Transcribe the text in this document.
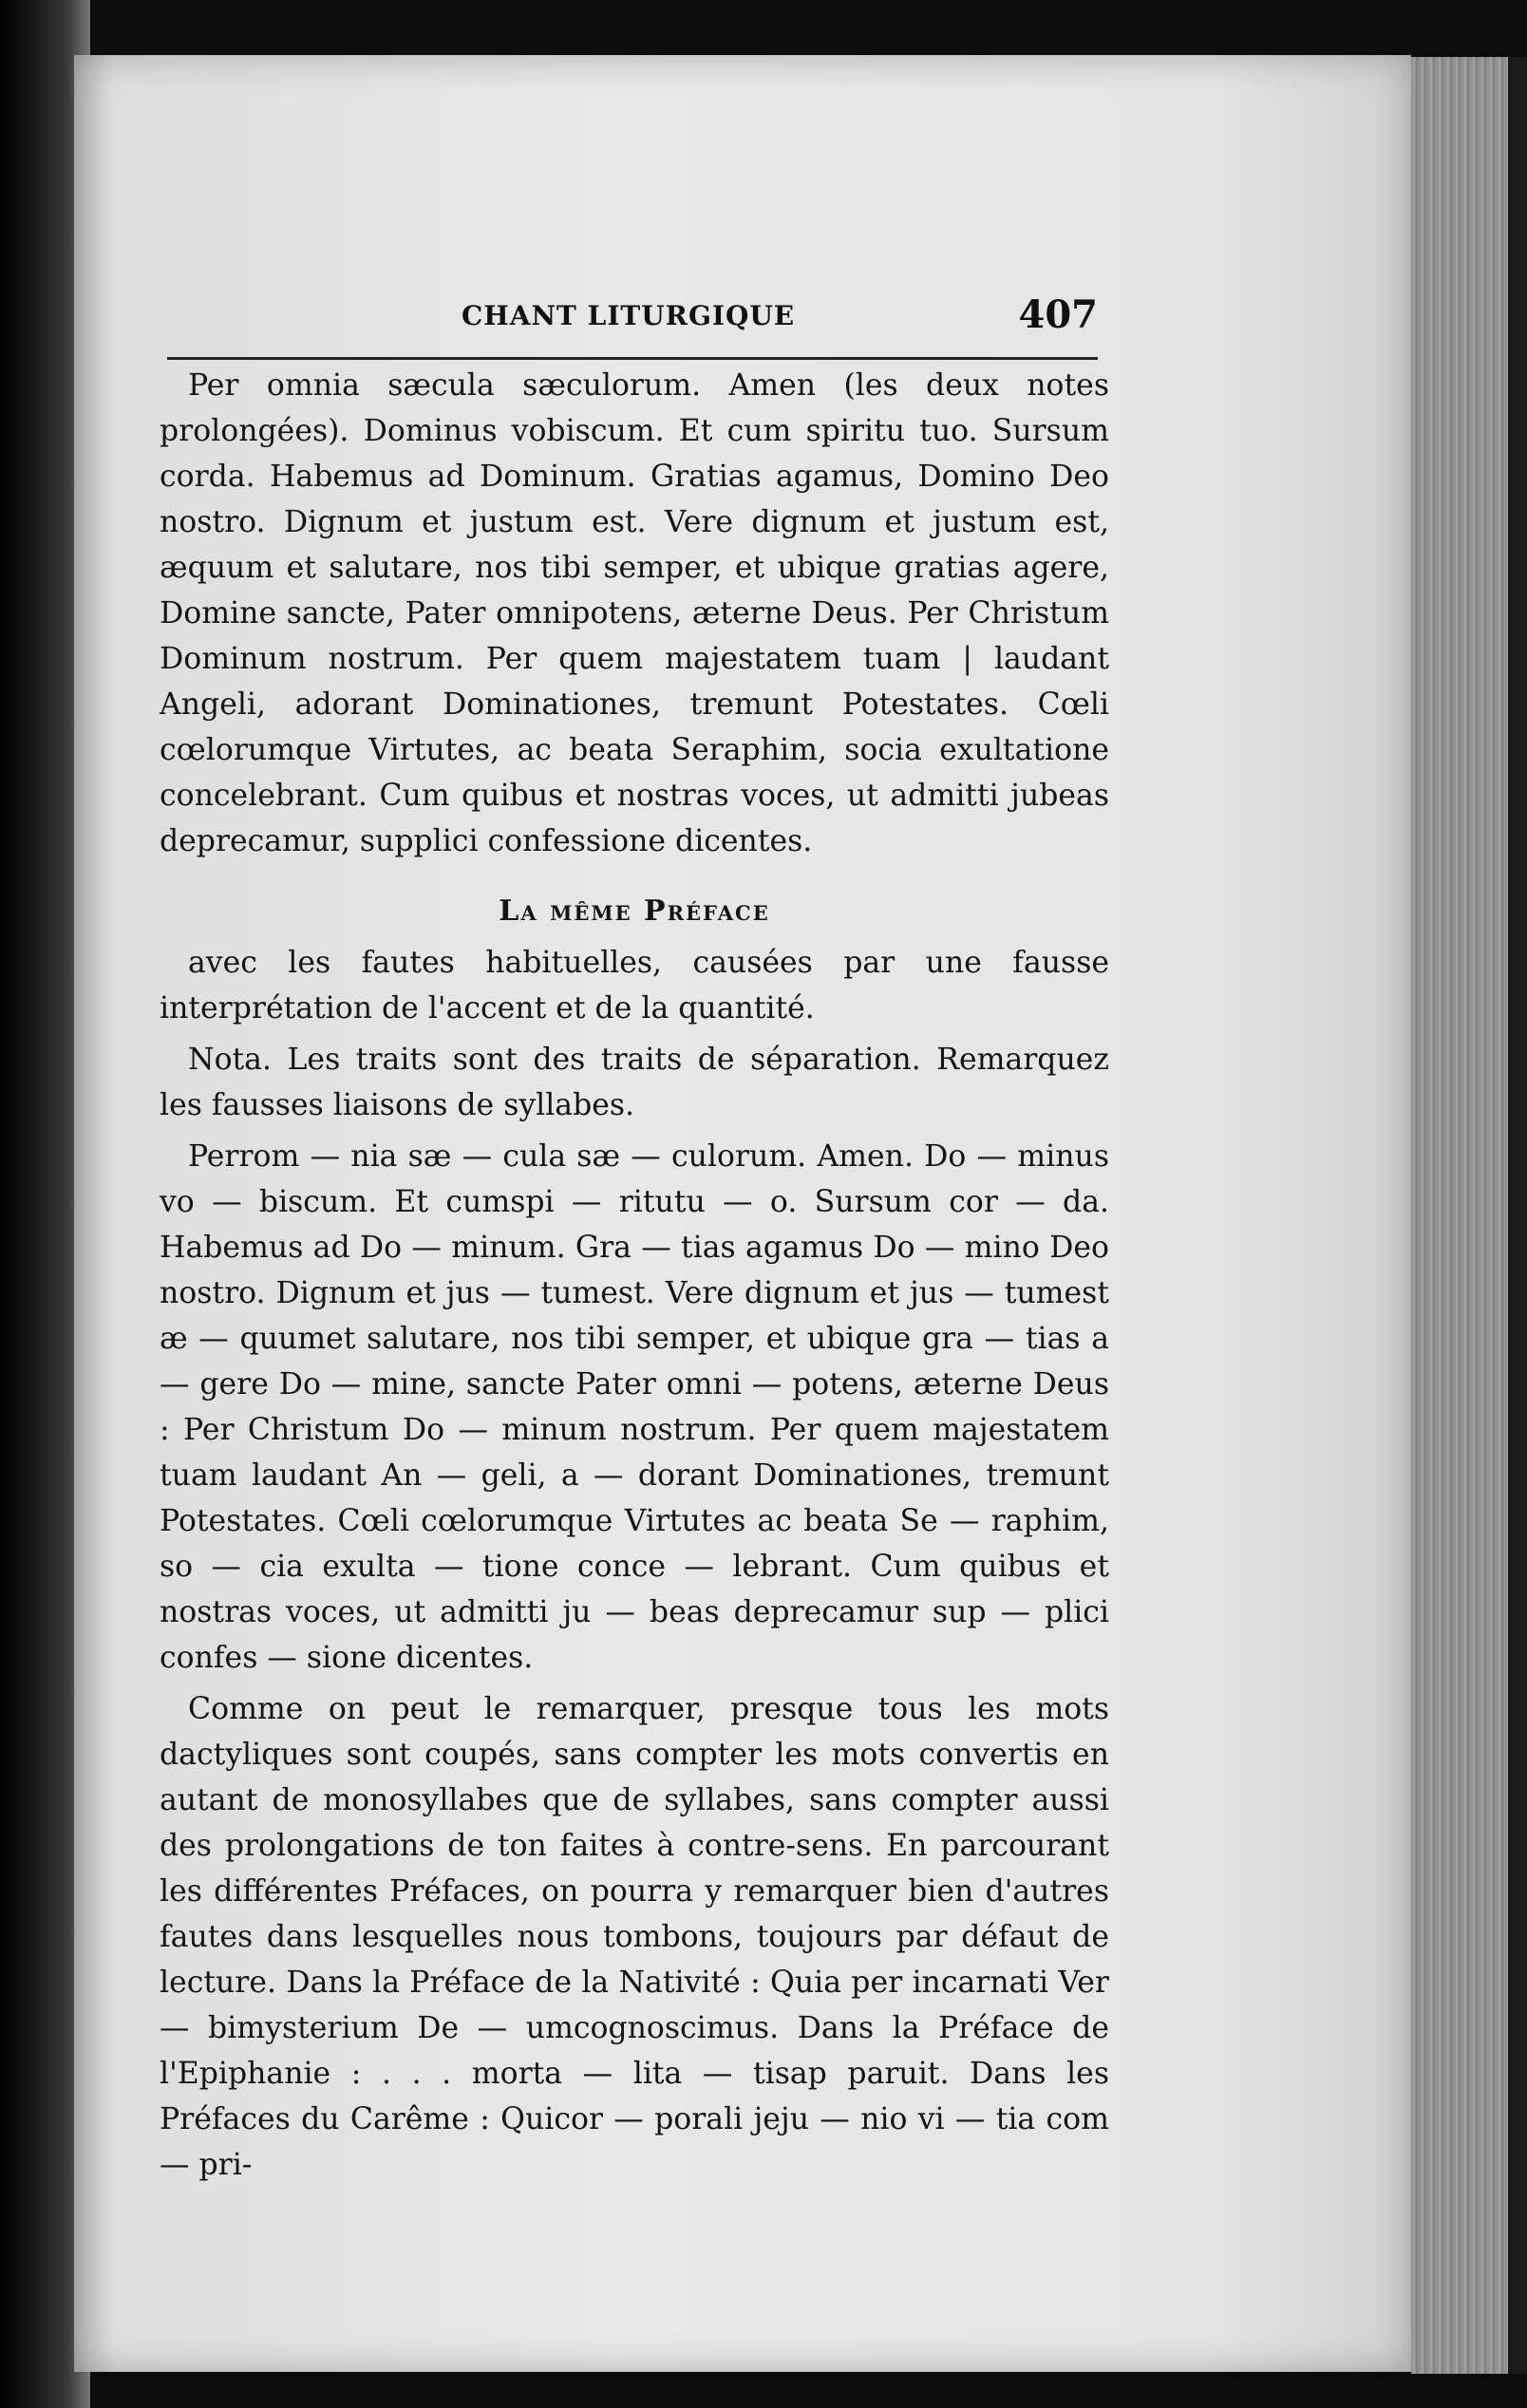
CHANT LITURGIQUE	407

Per omnia sæcula sæculorum. Amen (les deux notes prolongées). Dominus vobiscum. Et cum spiritu tuo. Sursum corda. Habemus ad Dominum. Gratias agamus, Domino Deo nostro. Dignum et justum est. Vere dignum et justum est, æquum et salutare, nos tibi semper, et ubique gratias agere, Domine sancte, Pater omnipotens, æterne Deus. Per Christum Dominum nostrum. Per quem majestatem tuam | laudant Angeli, adorant Dominationes, tremunt Potestates. Cœli cœlorumque Virtutes, ac beata Seraphim, socia exultatione concelebrant. Cum quibus et nostras voces, ut admitti jubeas deprecamur, supplici confessione dicentes.

La même Préface

avec les fautes habituelles, causées par une fausse interprétation de l'accent et de la quantité.

Nota. Les traits sont des traits de séparation. Remarquez les fausses liaisons de syllabes.

Perrom — nia sæ — cula sæ — culorum. Amen. Do — minus vo — biscum. Et cumspi — ritutu — o. Sursum cor — da. Habemus ad Do — minum. Gra — tias agamus Do — mino Deo nostro. Dignum et jus — tumest. Vere dignum et jus — tumest æ — quumet salutare, nos tibi semper, et ubique gra — tias a — gere Do — mine, sancte Pater omni — potens, æterne Deus : Per Christum Do — minum nostrum. Per quem majestatem tuam laudant An — geli, a — dorant Dominationes, tremunt Potestates. Cœli cœlorumque Virtutes ac beata Se — raphim, so — cia exulta — tione conce — lebrant. Cum quibus et nostras voces, ut admitti ju — beas deprecamur sup — plici confes — sione dicentes.

Comme on peut le remarquer, presque tous les mots dactyliques sont coupés, sans compter les mots convertis en autant de monosyllabes que de syllabes, sans compter aussi des prolongations de ton faites à contre-sens. En parcourant les différentes Préfaces, on pourra y remarquer bien d'autres fautes dans lesquelles nous tombons, toujours par défaut de lecture. Dans la Préface de la Nativité : Quia per incarnati Ver — bimysterium De — umcognoscimus. Dans la Préface de l'Epiphanie : . . . morta — lita — tisap paruit. Dans les Préfaces du Carême : Quicor — porali jeju — nio vi — tia com — pri-
